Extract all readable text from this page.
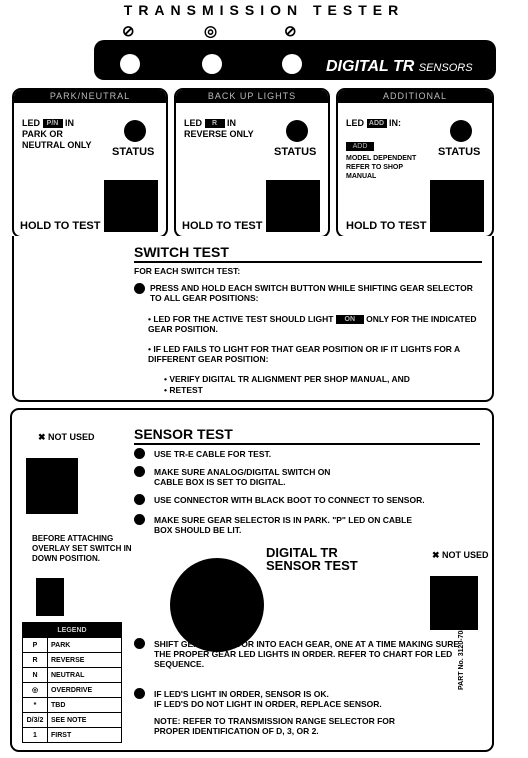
TRANSMISSION TESTER
⊘	◎	⊘
DIGITAL TR SENSORS
PARK/NEUTRAL
LED P/N IN
PARK OR NEUTRAL ONLY
STATUS
HOLD TO TEST
BACK UP LIGHTS
LED R IN
REVERSE ONLY
STATUS
HOLD TO TEST
ADDITIONAL
LED ADD IN:
ADD
MODEL DEPENDENT REFER TO SHOP MANUAL
STATUS
HOLD TO TEST
SWITCH TEST
FOR EACH SWITCH TEST:
PRESS AND HOLD EACH SWITCH BUTTON WHILE SHIFTING GEAR SELECTOR TO ALL GEAR POSITIONS:
• LED FOR THE ACTIVE TEST SHOULD LIGHT ON ONLY FOR THE INDICATED GEAR POSITION.
• IF LED FAILS TO LIGHT FOR THAT GEAR POSITION OR IF IT LIGHTS FOR A DIFFERENT GEAR POSITION:
• VERIFY DIGITAL TR ALIGNMENT PER SHOP MANUAL, AND
• RETEST
✖ NOT USED	SENSOR TEST
USE TR-E CABLE FOR TEST.
MAKE SURE ANALOG/DIGITAL SWITCH ON CABLE BOX IS SET TO DIGITAL.
USE CONNECTOR WITH BLACK BOOT TO CONNECT TO SENSOR.
MAKE SURE GEAR SELECTOR IS IN PARK. "P" LED ON CABLE BOX SHOULD BE LIT.
BEFORE ATTACHING OVERLAY SET SWITCH IN DOWN POSITION.	DIGITAL TR SENSOR TEST
✖ NOT USED
LEGEND	
P	PARK
R	REVERSE
N	NEUTRAL
◎	OVERDRIVE
*	TBD
D/3/2	SEE NOTE
1	FIRST
SHIFT GEAR SELECTOR INTO EACH GEAR, ONE AT A TIME MAKING SURE THE PROPER GEAR LED LIGHTS IN ORDER. REFER TO CHART FOR LED SEQUENCE.
IF LED'S LIGHT IN ORDER, SENSOR IS OK.
IF LED'S DO NOT LIGHT IN ORDER, REPLACE SENSOR.
NOTE: REFER TO TRANSMISSION RANGE SELECTOR FOR PROPER IDENTIFICATION OF D, 3, OR 2.
PART No. 3120-708
